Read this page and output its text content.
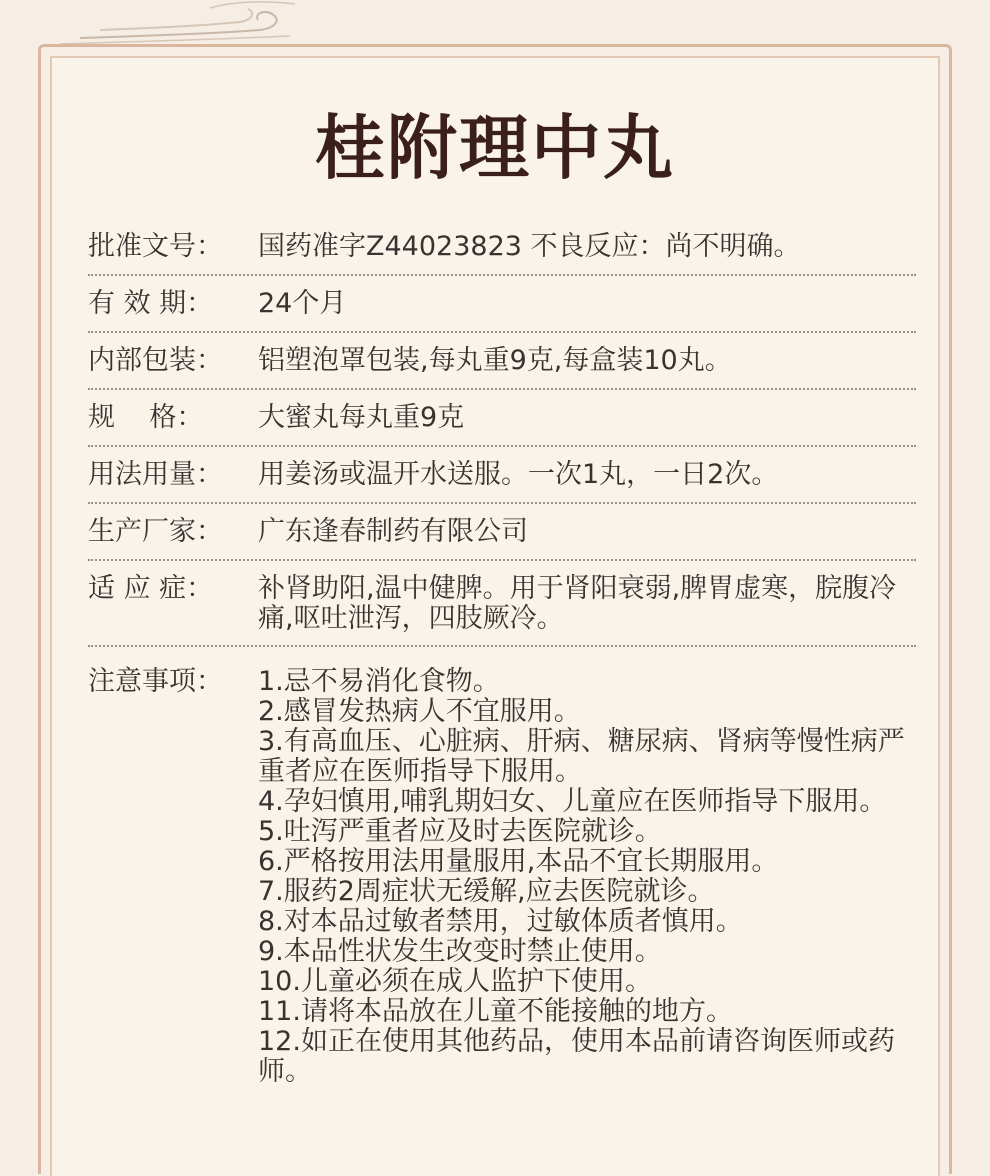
桂附理中丸
批准文号：	国药准字Z44023823 不良反应：尚不明确。
有 效 期：	24个月
内部包装：	铝塑泡罩包装,每丸重9克,每盒装10丸。
规    格：	大蜜丸每丸重9克
用法用量：	用姜汤或温开水送服。一次1丸，一日2次。
生产厂家：	广东逢春制药有限公司
适 应 症：	补肾助阳,温中健脾。用于肾阳衰弱,脾胃虚寒，脘腹冷痛,呕吐泄泻，四肢厥冷。
注意事项：	1.忌不易消化食物。
2.感冒发热病人不宜服用。
3.有高血压、心脏病、肝病、糖尿病、肾病等慢性病严重者应在医师指导下服用。
4.孕妇慎用,哺乳期妇女、儿童应在医师指导下服用。
5.吐泻严重者应及时去医院就诊。
6.严格按用法用量服用,本品不宜长期服用。
7.服药2周症状无缓解,应去医院就诊。
8.对本品过敏者禁用，过敏体质者慎用。
9.本品性状发生改变时禁止使用。
10.儿童必须在成人监护下使用。
11.请将本品放在儿童不能接触的地方。
12.如正在使用其他药品，使用本品前请咨询医师或药师。
